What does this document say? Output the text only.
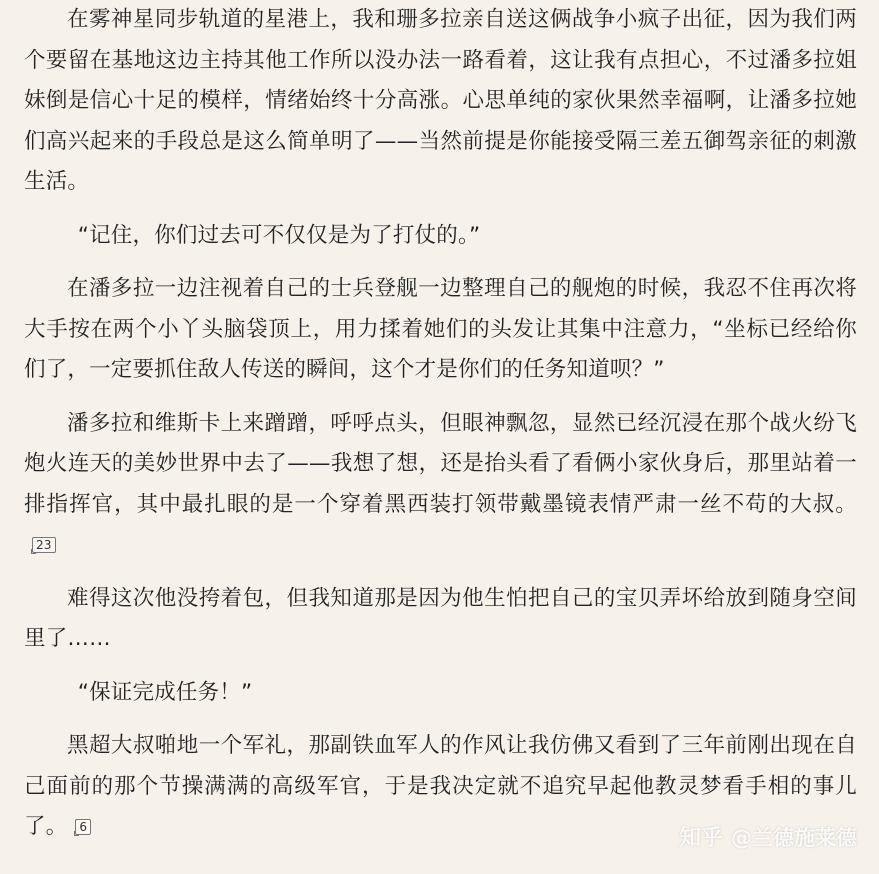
在雾神星同步轨道的星港上，我和珊多拉亲自送这俩战争小疯子出征，因为我们两个要留在基地这边主持其他工作所以没办法一路看着，这让我有点担心，不过潘多拉姐妹倒是信心十足的模样，情绪始终十分高涨。心思单纯的家伙果然幸福啊，让潘多拉她们高兴起来的手段总是这么简单明了——当然前提是你能接受隔三差五御驾亲征的刺激生活。

“记住，你们过去可不仅仅是为了打仗的。”

在潘多拉一边注视着自己的士兵登舰一边整理自己的舰炮的时候，我忍不住再次将大手按在两个小丫头脑袋顶上，用力揉着她们的头发让其集中注意力，“坐标已经给你们了，一定要抓住敌人传送的瞬间，这个才是你们的任务知道呗？”

潘多拉和维斯卡上来蹭蹭，呼呼点头，但眼神飘忽，显然已经沉浸在那个战火纷飞炮火连天的美妙世界中去了——我想了想，还是抬头看了看俩小家伙身后，那里站着一排指挥官，其中最扎眼的是一个穿着黑西装打领带戴墨镜表情严肃一丝不苟的大叔。23

难得这次他没挎着包，但我知道那是因为他生怕把自己的宝贝弄坏给放到随身空间里了……

“保证完成任务！”

黑超大叔啪地一个军礼，那副铁血军人的作风让我仿佛又看到了三年前刚出现在自己面前的那个节操满满的高级军官，于是我决定就不追究早起他教灵梦看手相的事儿了。 6	知乎 @兰德施莱德
